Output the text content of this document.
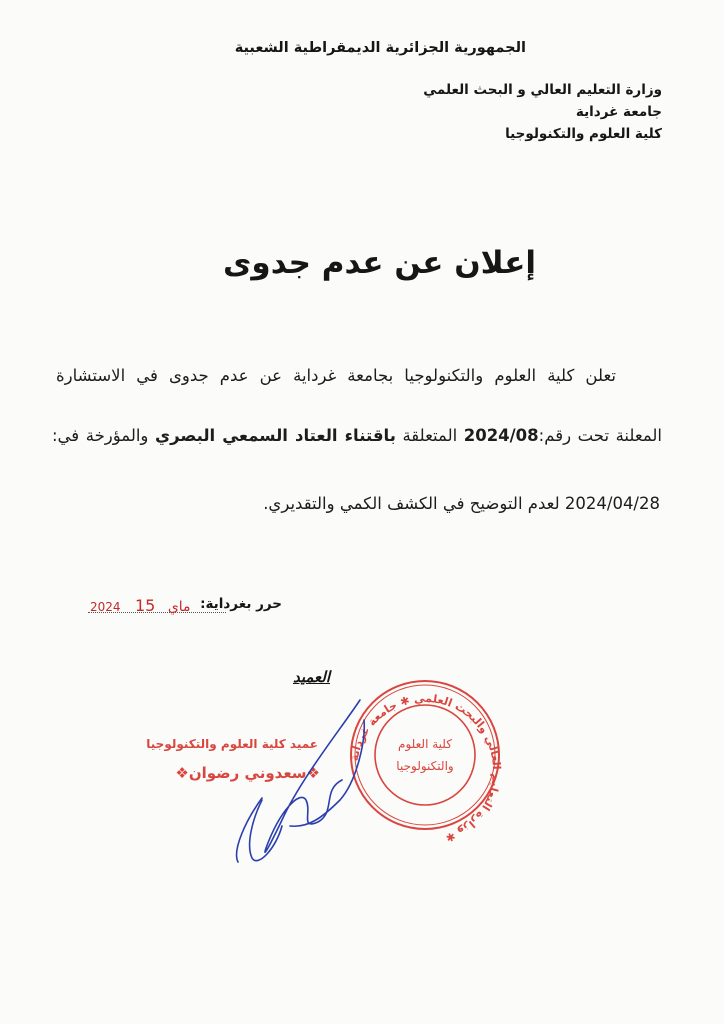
الجمهورية الجزائرية الديمقراطية الشعبية
وزارة التعليم العالي و البحث العلمي
جامعة غرداية
كلية العلوم والتكنولوجيا
إعلان عن عدم جدوى
تعلن كلية العلوم والتكنولوجيا بجامعة غرداية عن عدم جدوى في الاستشارة
المعلنة تحت رقم:2024/08 المتعلقة باقتناء العتاد السمعي البصري والمؤرخة في:
2024/04/28 لعدم التوضيح في الكشف الكمي والتقديري.
حرر بغرداية:
2024	ماي 15
العميد
عميد كلية العلوم والتكنولوجيا
❖سعدوني رضوان❖
وزارة التعليم العالي والبحث العلمي ✱ جامعة غرداية ✱
كلية العلوم
والتكنولوجيا
